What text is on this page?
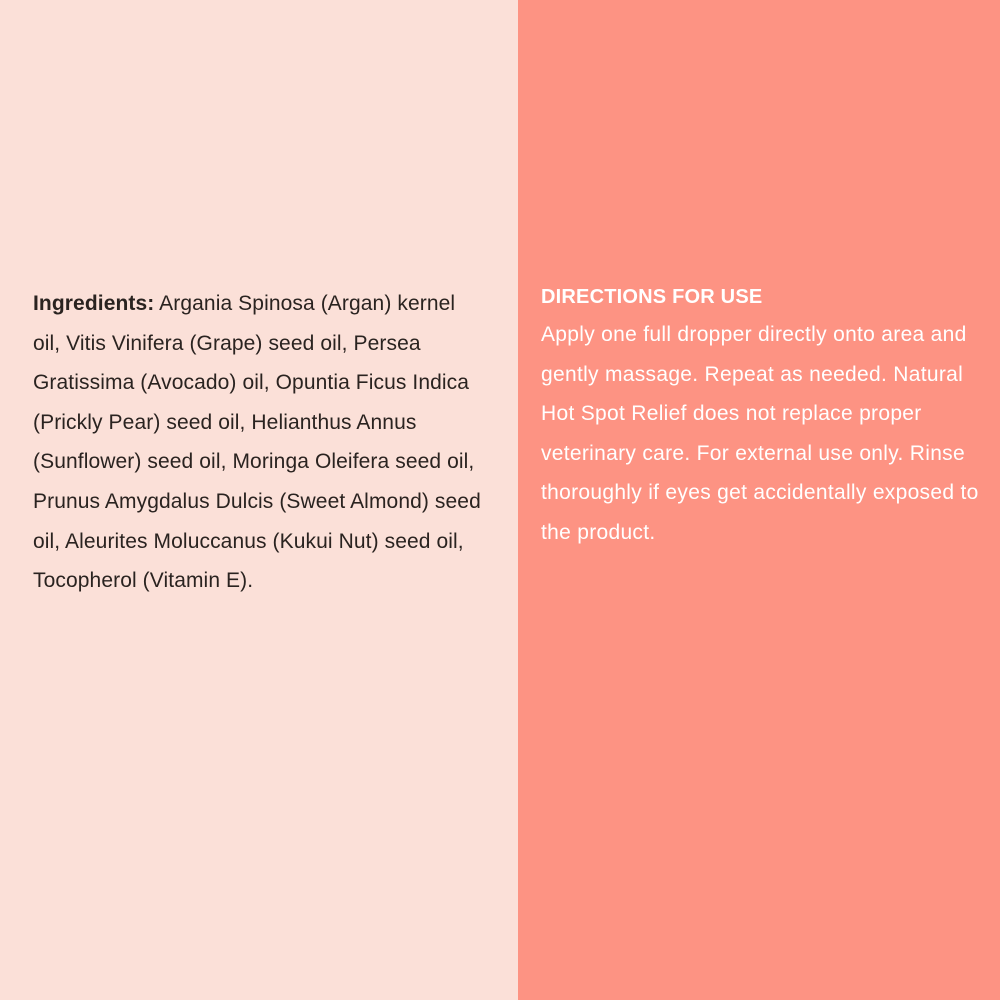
Ingredients: Argania Spinosa (Argan) kernel oil, Vitis Vinifera (Grape) seed oil, Persea Gratissima (Avocado) oil, Opuntia Ficus Indica (Prickly Pear) seed oil, Helianthus Annus (Sunflower) seed oil, Moringa Oleifera seed oil, Prunus Amygdalus Dulcis (Sweet Almond) seed oil, Aleurites Moluccanus (Kukui Nut) seed oil, Tocopherol (Vitamin E).
DIRECTIONS FOR USE

Apply one full dropper directly onto area and gently massage. Repeat as needed. Natural Hot Spot Relief does not replace proper veterinary care. For external use only. Rinse thoroughly if eyes get accidentally exposed to the product.
